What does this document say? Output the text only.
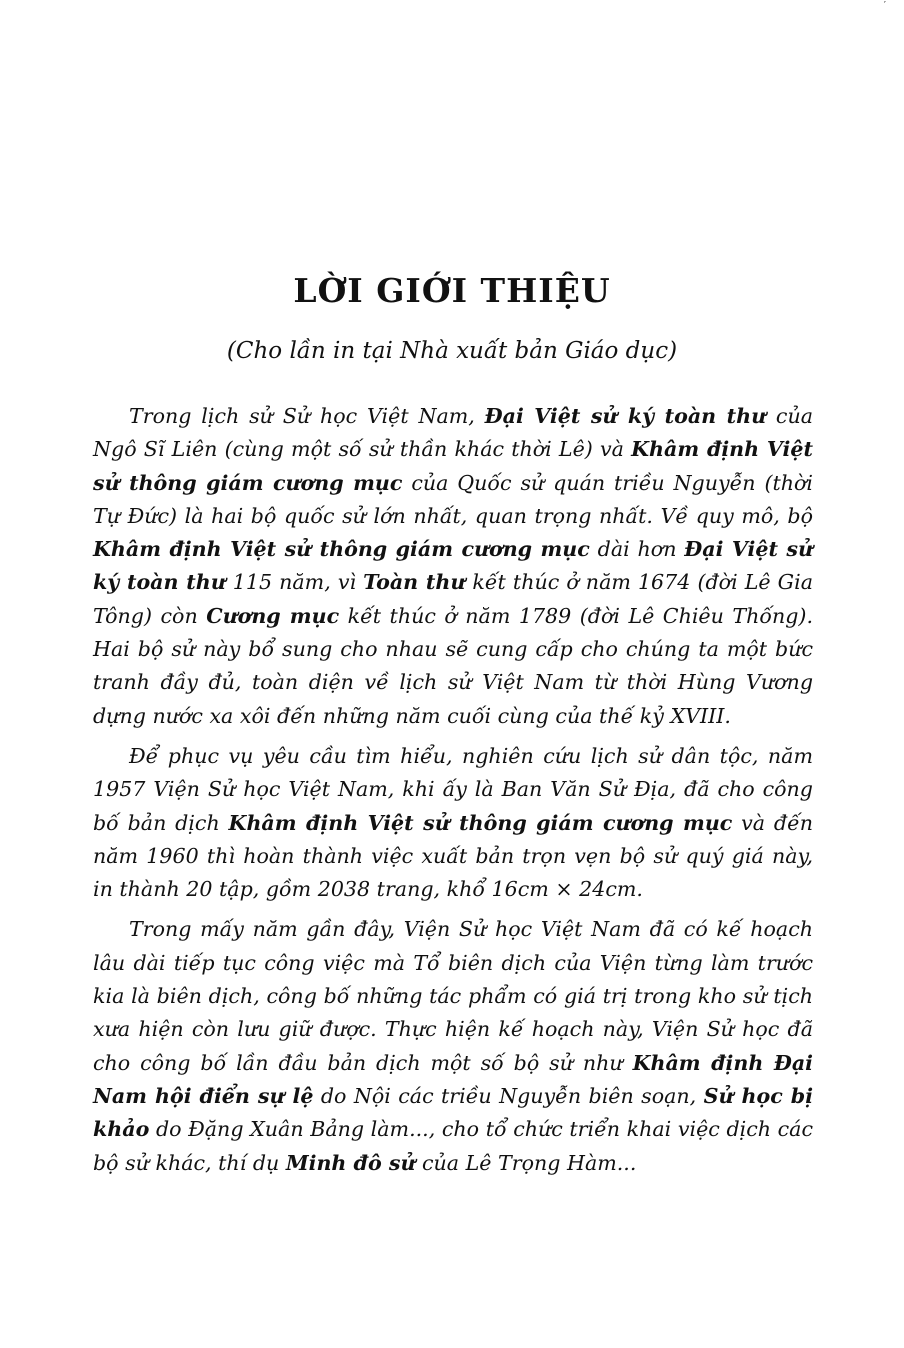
′
LỜI GIỚI THIỆU
(Cho lần in tại Nhà xuất bản Giáo dục)

Trong lịch sử Sử học Việt Nam, Đại Việt sử ký toàn thư của Ngô Sĩ Liên (cùng một số sử thần khác thời Lê) và Khâm định Việt sử thông giám cương mục của Quốc sử quán triều Nguyễn (thời Tự Đức) là hai bộ quốc sử lớn nhất, quan trọng nhất. Về quy mô, bộ Khâm định Việt sử thông giám cương mục dài hơn Đại Việt sử ký toàn thư 115 năm, vì Toàn thư kết thúc ở năm 1674 (đời Lê Gia Tông) còn Cương mục kết thúc ở năm 1789 (đời Lê Chiêu Thống). Hai bộ sử này bổ sung cho nhau sẽ cung cấp cho chúng ta một bức tranh đầy đủ, toàn diện về lịch sử Việt Nam từ thời Hùng Vương dựng nước xa xôi đến những năm cuối cùng của thế kỷ XVIII.

Để phục vụ yêu cầu tìm hiểu, nghiên cứu lịch sử dân tộc, năm 1957 Viện Sử học Việt Nam, khi ấy là Ban Văn Sử Địa, đã cho công bố bản dịch Khâm định Việt sử thông giám cương mục và đến năm 1960 thì hoàn thành việc xuất bản trọn vẹn bộ sử quý giá này, in thành 20 tập, gồm 2038 trang, khổ 16cm × 24cm.

Trong mấy năm gần đây, Viện Sử học Việt Nam đã có kế hoạch lâu dài tiếp tục công việc mà Tổ biên dịch của Viện từng làm trước kia là biên dịch, công bố những tác phẩm có giá trị trong kho sử tịch xưa hiện còn lưu giữ được. Thực hiện kế hoạch này, Viện Sử học đã cho công bố lần đầu bản dịch một số bộ sử như Khâm định Đại Nam hội điển sự lệ do Nội các triều Nguyễn biên soạn, Sử học bị khảo do Đặng Xuân Bảng làm..., cho tổ chức triển khai việc dịch các bộ sử khác, thí dụ Minh đô sử của Lê Trọng Hàm...
